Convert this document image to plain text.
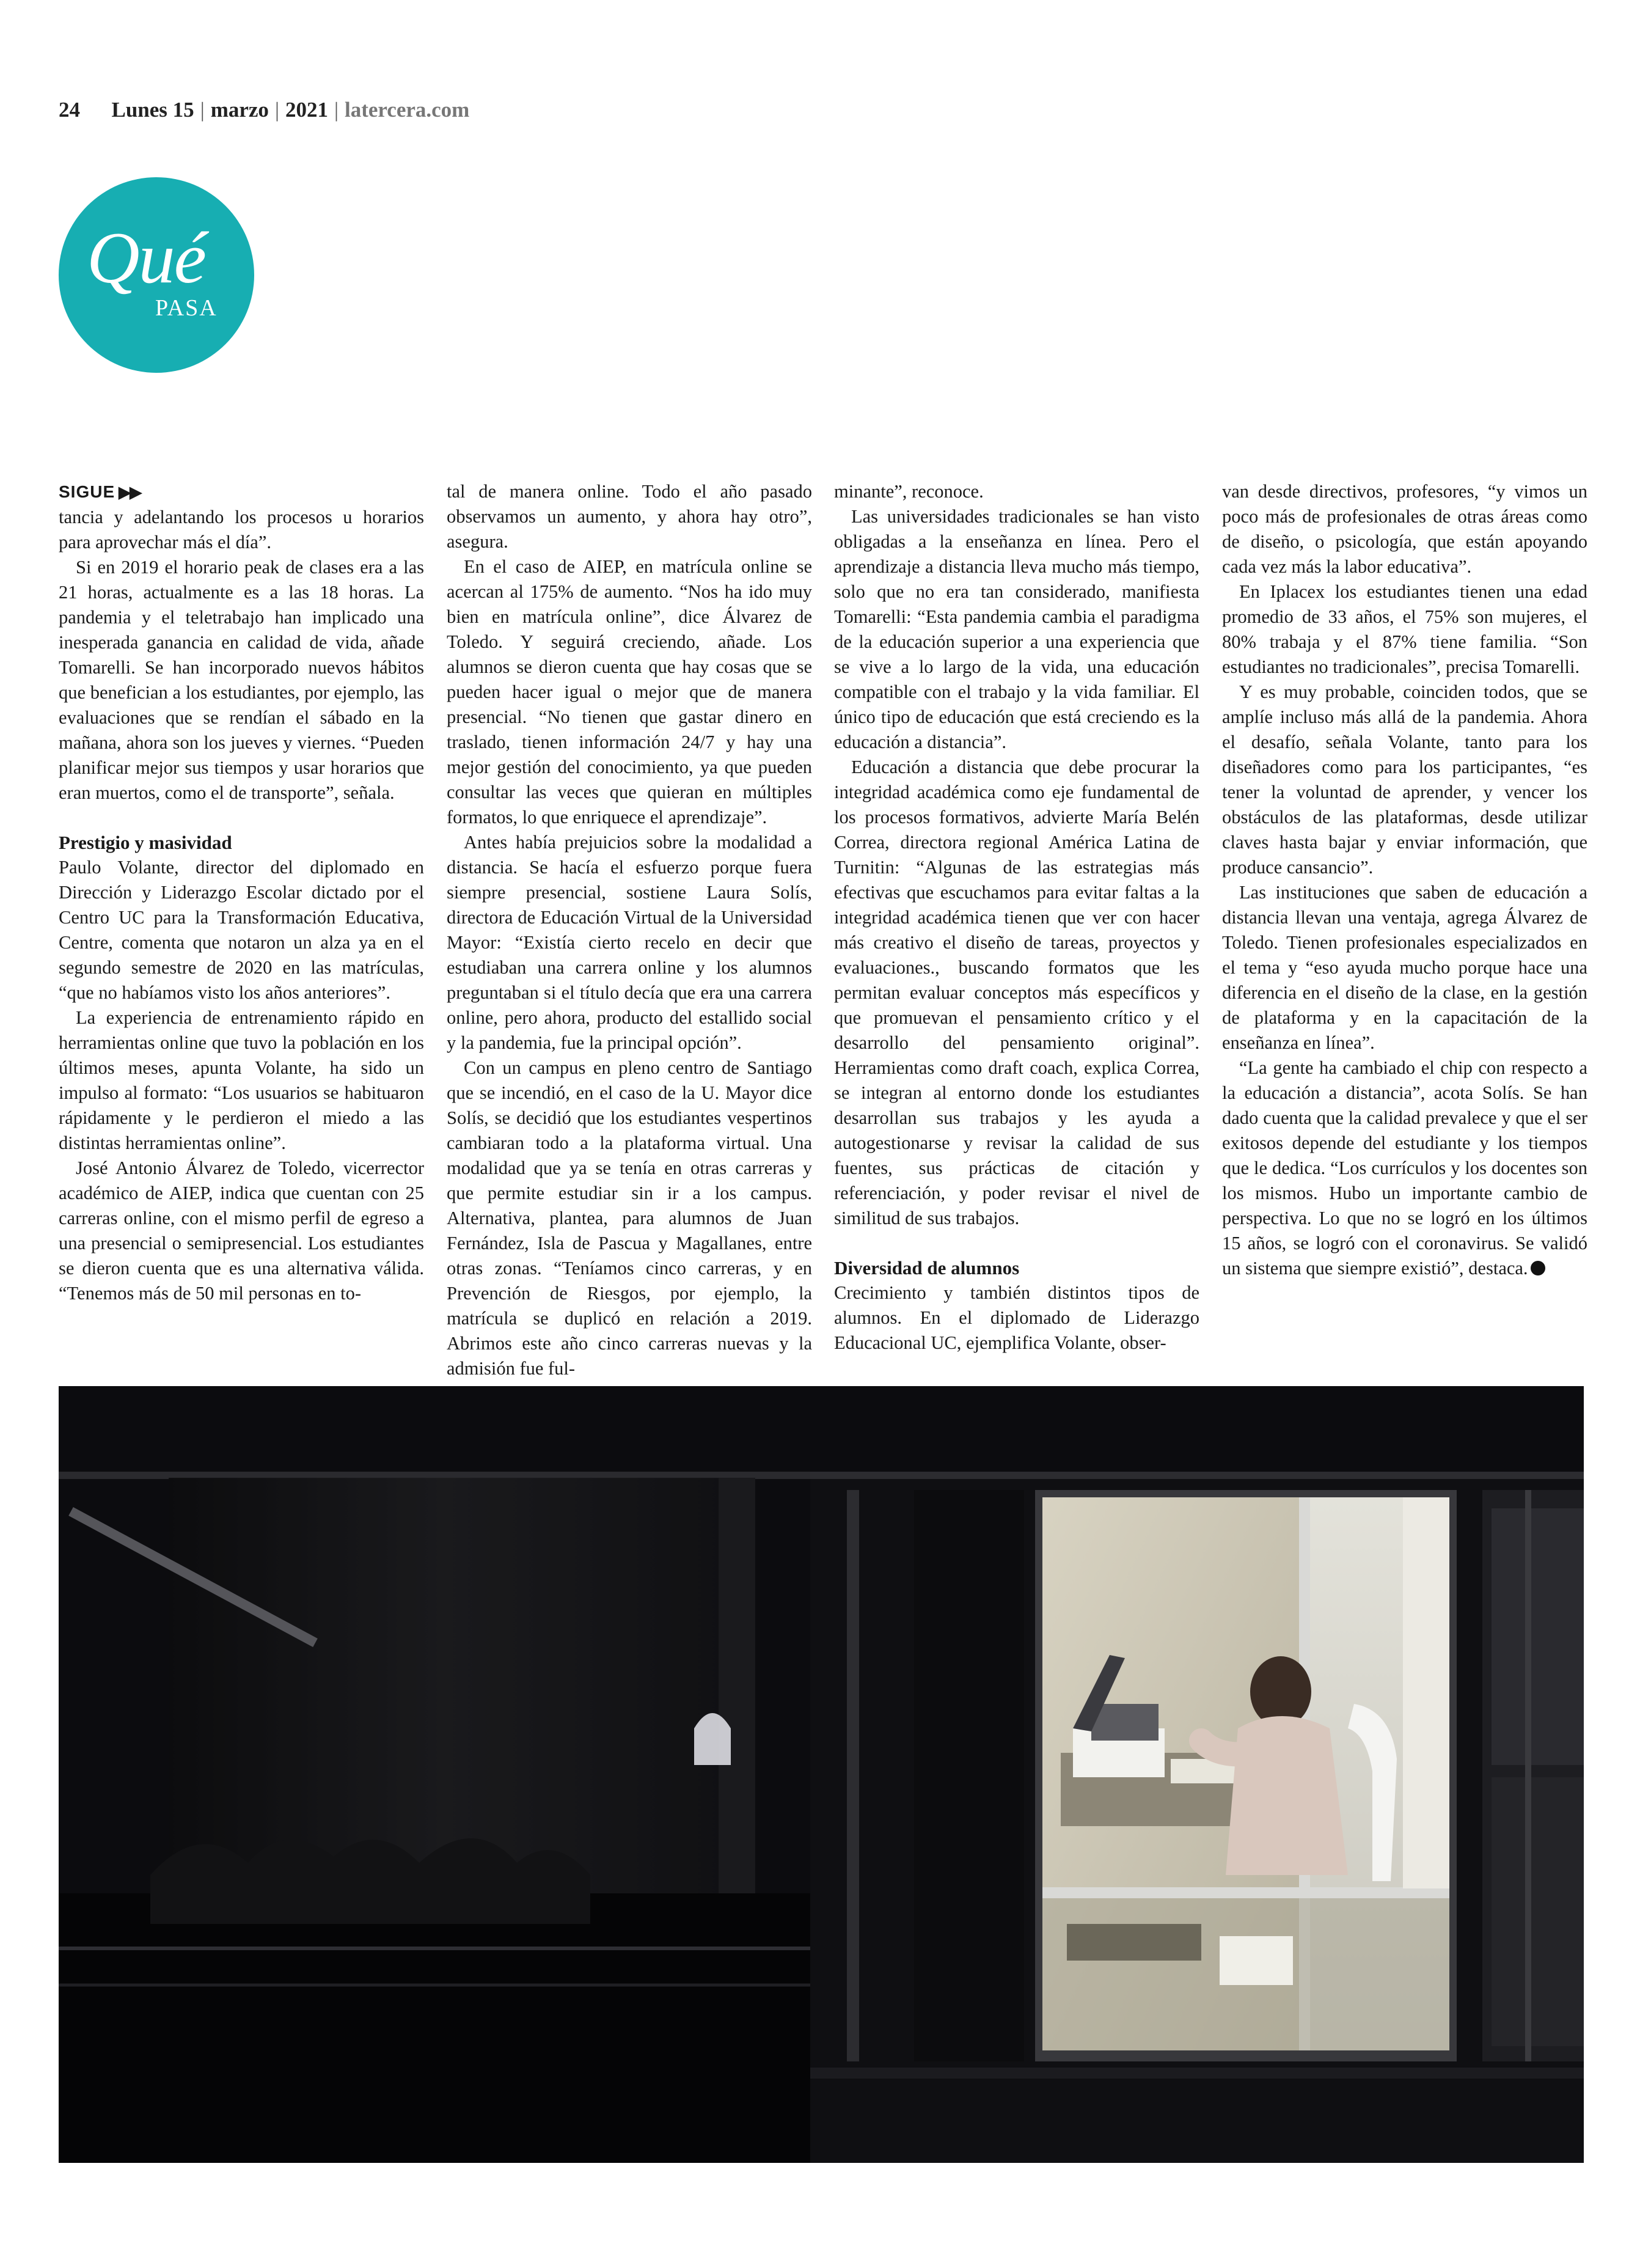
24 Lunes 15 | marzo | 2021 | latercera.com
Qué
PASA
SIGUE ▶▶

tancia y adelantando los procesos u horarios para aprovechar más el día”.

Si en 2019 el horario peak de clases era a las 21 horas, actualmente es a las 18 horas. La pandemia y el teletrabajo han implicado una inesperada ganancia en calidad de vida, añade Tomarelli. Se han incorporado nuevos hábitos que benefician a los estudiantes, por ejemplo, las evaluaciones que se rendían el sábado en la mañana, ahora son los jueves y viernes. “Pueden planificar mejor sus tiempos y usar horarios que eran muertos, como el de transporte”, señala.

Prestigio y masividad

Paulo Volante, director del diplomado en Dirección y Liderazgo Escolar dictado por el Centro UC para la Transformación Educativa, Centre, comenta que notaron un alza ya en el segundo semestre de 2020 en las matrículas, “que no habíamos visto los años anteriores”.

La experiencia de entrenamiento rápido en herramientas online que tuvo la población en los últimos meses, apunta Volante, ha sido un impulso al formato: “Los usuarios se habituaron rápidamente y le perdieron el miedo a las distintas herramientas online”.

José Antonio Álvarez de Toledo, vicerrector académico de AIEP, indica que cuentan con 25 carreras online, con el mismo perfil de egreso a una presencial o semipresencial. Los estudiantes se dieron cuenta que es una alternativa válida. “Tenemos más de 50 mil personas en to-

tal de manera online. Todo el año pasado observamos un aumento, y ahora hay otro”, asegura.

En el caso de AIEP, en matrícula online se acercan al 175% de aumento. “Nos ha ido muy bien en matrícula online”, dice Álvarez de Toledo. Y seguirá creciendo, añade. Los alumnos se dieron cuenta que hay cosas que se pueden hacer igual o mejor que de manera presencial. “No tienen que gastar dinero en traslado, tienen información 24/7 y hay una mejor gestión del conocimiento, ya que pueden consultar las veces que quieran en múltiples formatos, lo que enriquece el aprendizaje”.

Antes había prejuicios sobre la modalidad a distancia. Se hacía el esfuerzo porque fuera siempre presencial, sostiene Laura Solís, directora de Educación Virtual de la Universidad Mayor: “Existía cierto recelo en decir que estudiaban una carrera online y los alumnos preguntaban si el título decía que era una carrera online, pero ahora, producto del estallido social y la pandemia, fue la principal opción”.

Con un campus en pleno centro de Santiago que se incendió, en el caso de la U. Mayor dice Solís, se decidió que los estudiantes vespertinos cambiaran todo a la plataforma virtual. Una modalidad que ya se tenía en otras carreras y que permite estudiar sin ir a los campus. Alternativa, plantea, para alumnos de Juan Fernández, Isla de Pascua y Magallanes, entre otras zonas. “Teníamos cinco carreras, y en Prevención de Riesgos, por ejemplo, la matrícula se duplicó en relación a 2019. Abrimos este año cinco carreras nuevas y la admisión fue ful-

minante”, reconoce.

Las universidades tradicionales se han visto obligadas a la enseñanza en línea. Pero el aprendizaje a distancia lleva mucho más tiempo, solo que no era tan considerado, manifiesta Tomarelli: “Esta pandemia cambia el paradigma de la educación superior a una experiencia que se vive a lo largo de la vida, una educación compatible con el trabajo y la vida familiar. El único tipo de educación que está creciendo es la educación a distancia”.

Educación a distancia que debe procurar la integridad académica como eje fundamental de los procesos formativos, advierte María Belén Correa, directora regional América Latina de Turnitin: “Algunas de las estrategias más efectivas que escuchamos para evitar faltas a la integridad académica tienen que ver con hacer más creativo el diseño de tareas, proyectos y evaluaciones., buscando formatos que les permitan evaluar conceptos más específicos y que promuevan el pensamiento crítico y el desarrollo del pensamiento original”. Herramientas como draft coach, explica Correa, se integran al entorno donde los estudiantes desarrollan sus trabajos y les ayuda a autogestionarse y revisar la calidad de sus fuentes, sus prácticas de citación y referenciación, y poder revisar el nivel de similitud de sus trabajos.

Diversidad de alumnos

Crecimiento y también distintos tipos de alumnos. En el diplomado de Liderazgo Educacional UC, ejemplifica Volante, obser-

van desde directivos, profesores, “y vimos un poco más de profesionales de otras áreas como de diseño, o psicología, que están apoyando cada vez más la labor educativa”.

En Iplacex los estudiantes tienen una edad promedio de 33 años, el 75% son mujeres, el 80% trabaja y el 87% tiene familia. “Son estudiantes no tradicionales”, precisa Tomarelli.

Y es muy probable, coinciden todos, que se amplíe incluso más allá de la pandemia. Ahora el desafío, señala Volante, tanto para los diseñadores como para los participantes, “es tener la voluntad de aprender, y vencer los obstáculos de las plataformas, desde utilizar claves hasta bajar y enviar información, que produce cansancio”.

Las instituciones que saben de educación a distancia llevan una ventaja, agrega Álvarez de Toledo. Tienen profesionales especializados en el tema y “eso ayuda mucho porque hace una diferencia en el diseño de la clase, en la gestión de plataforma y en la capacitación de la enseñanza en línea”.

“La gente ha cambiado el chip con respecto a la educación a distancia”, acota Solís. Se han dado cuenta que la calidad prevalece y que el ser exitosos depende del estudiante y los tiempos que le dedica. “Los currículos y los docentes son los mismos. Hubo un importante cambio de perspectiva. Lo que no se logró en los últimos 15 años, se logró con el coronavirus. Se validó un sistema que siempre existió”, destaca.
